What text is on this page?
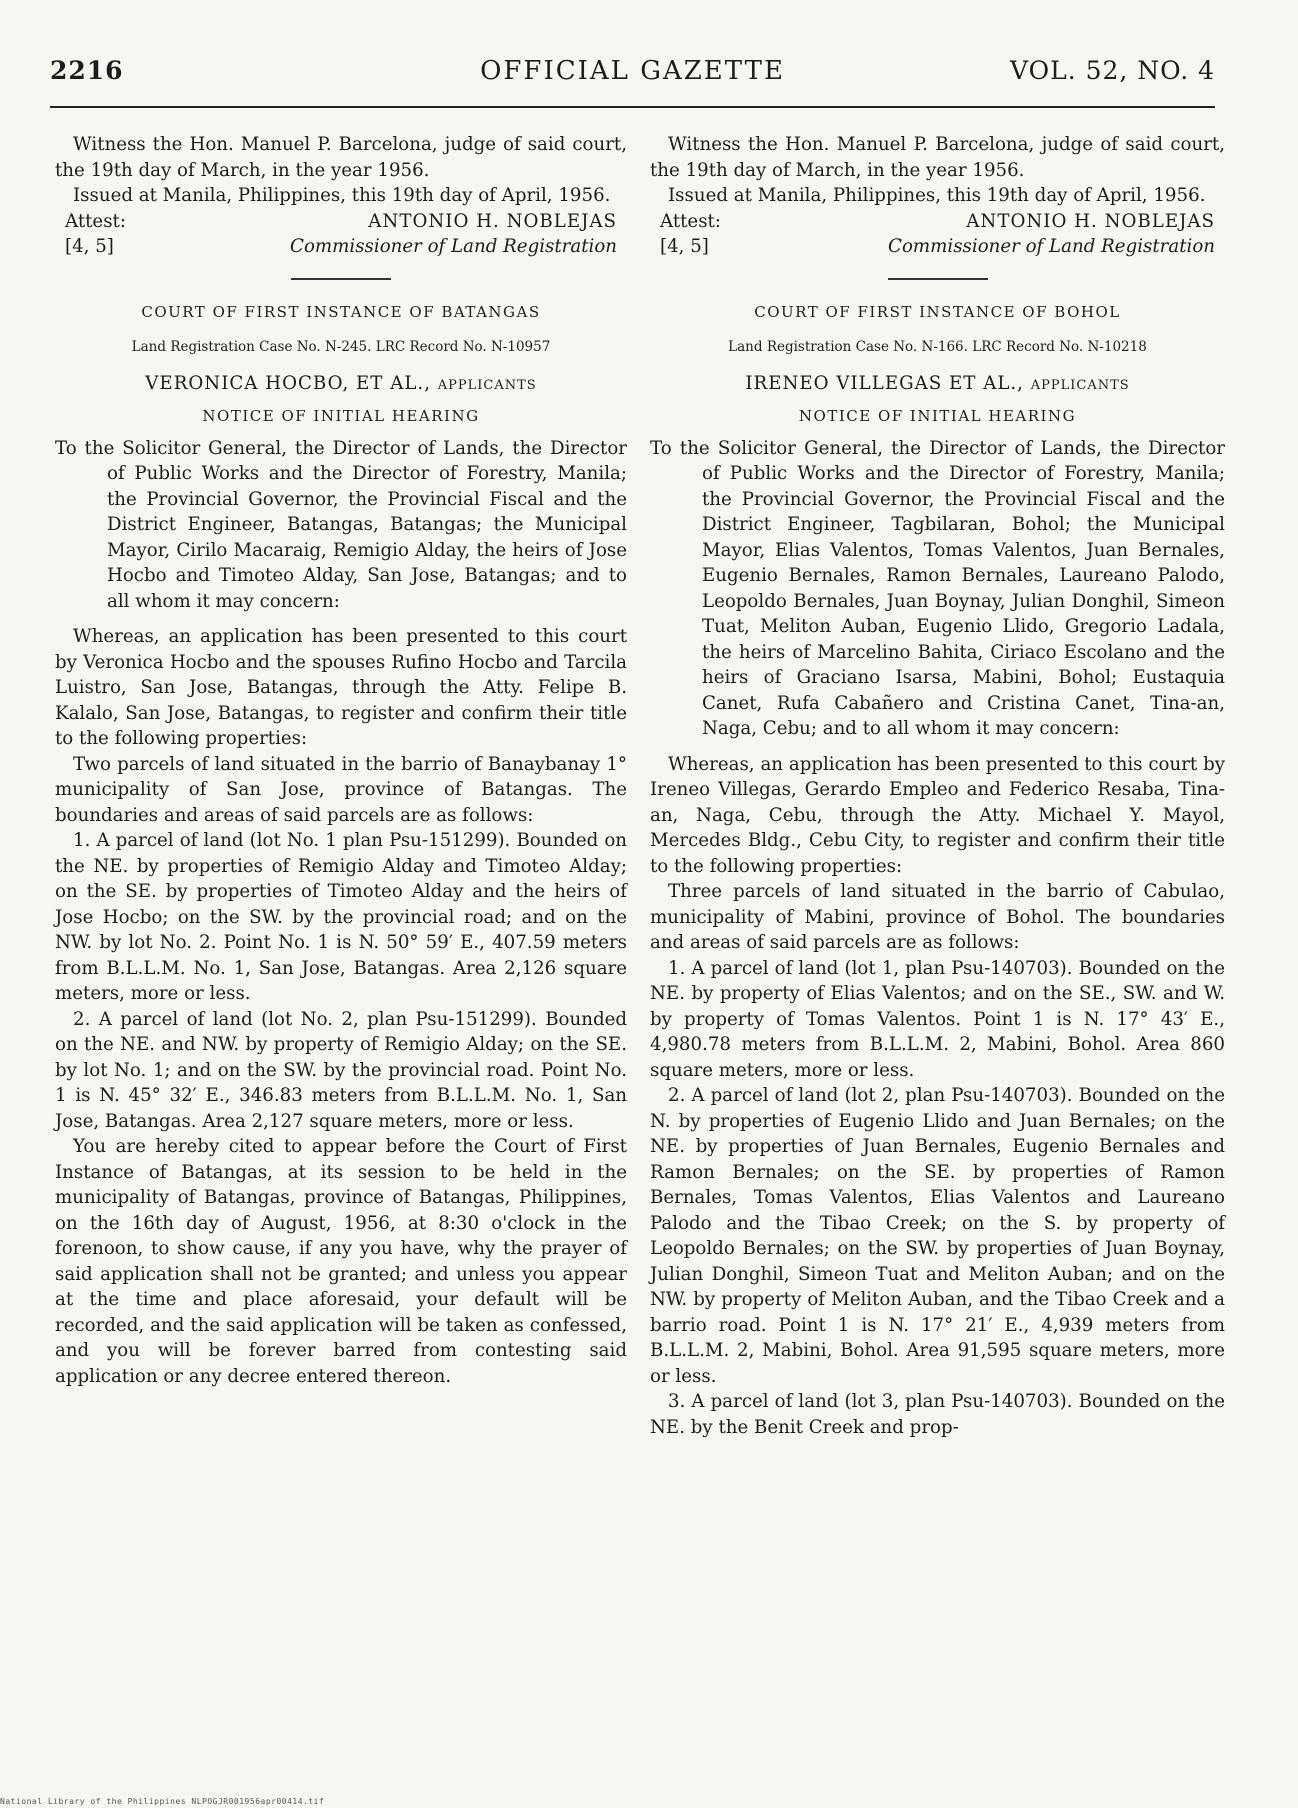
OFFICIAL GAZETTE
2216	VOL. 52, NO. 4

Witness the Hon. Manuel P. Barcelona, judge of said court, the 19th day of March, in the year 1956.

Issued at Manila, Philippines, this 19th day of April, 1956.

Attest:	ANTONIO H. NOBLEJAS
[4, 5]	Commissioner of Land Registration
COURT OF FIRST INSTANCE OF BATANGAS
Land Registration Case No. N-245. LRC Record No. N-10957
VERONICA HOCBO, ET AL., applicants
NOTICE OF INITIAL HEARING

To the Solicitor General, the Director of Lands, the Director of Public Works and the Director of Forestry, Manila; the Provincial Governor, the Provincial Fiscal and the District Engineer, Batangas, Batangas; the Municipal Mayor, Cirilo Macaraig, Remigio Alday, the heirs of Jose Hocbo and Timoteo Alday, San Jose, Batangas; and to all whom it may concern:

Whereas, an application has been presented to this court by Veronica Hocbo and the spouses Rufino Hocbo and Tarcila Luistro, San Jose, Batangas, through the Atty. Felipe B. Kalalo, San Jose, Batangas, to register and confirm their title to the following properties:

Two parcels of land situated in the barrio of Banaybanay 1° municipality of San Jose, province of Batangas. The boundaries and areas of said parcels are as follows:

1. A parcel of land (lot No. 1 plan Psu-151299). Bounded on the NE. by properties of Remigio Alday and Timoteo Alday; on the SE. by properties of Timoteo Alday and the heirs of Jose Hocbo; on the SW. by the provincial road; and on the NW. by lot No. 2. Point No. 1 is N. 50° 59′ E., 407.59 meters from B.L.L.M. No. 1, San Jose, Batangas. Area 2,126 square meters, more or less.

2. A parcel of land (lot No. 2, plan Psu-151299). Bounded on the NE. and NW. by property of Remigio Alday; on the SE. by lot No. 1; and on the SW. by the provincial road. Point No. 1 is N. 45° 32′ E., 346.83 meters from B.L.L.M. No. 1, San Jose, Batangas. Area 2,127 square meters, more or less.

You are hereby cited to appear before the Court of First Instance of Batangas, at its session to be held in the municipality of Batangas, province of Batangas, Philippines, on the 16th day of August, 1956, at 8:30 o'clock in the forenoon, to show cause, if any you have, why the prayer of said application shall not be granted; and unless you appear at the time and place aforesaid, your default will be recorded, and the said application will be taken as confessed, and you will be forever barred from contesting said application or any decree entered thereon.

Witness the Hon. Manuel P. Barcelona, judge of said court, the 19th day of March, in the year 1956.

Issued at Manila, Philippines, this 19th day of April, 1956.

Attest:	ANTONIO H. NOBLEJAS
[4, 5]	Commissioner of Land Registration
COURT OF FIRST INSTANCE OF BOHOL
Land Registration Case No. N-166. LRC Record No. N-10218
IRENEO VILLEGAS ET AL., applicants
NOTICE OF INITIAL HEARING

To the Solicitor General, the Director of Lands, the Director of Public Works and the Director of Forestry, Manila; the Provincial Governor, the Provincial Fiscal and the District Engineer, Tagbilaran, Bohol; the Municipal Mayor, Elias Valentos, Tomas Valentos, Juan Bernales, Eugenio Bernales, Ramon Bernales, Laureano Palodo, Leopoldo Bernales, Juan Boynay, Julian Donghil, Simeon Tuat, Meliton Auban, Eugenio Llido, Gregorio Ladala, the heirs of Marcelino Bahita, Ciriaco Escolano and the heirs of Graciano Isarsa, Mabini, Bohol; Eustaquia Canet, Rufa Cabañero and Cristina Canet, Tina-an, Naga, Cebu; and to all whom it may concern:

Whereas, an application has been presented to this court by Ireneo Villegas, Gerardo Empleo and Federico Resaba, Tina-an, Naga, Cebu, through the Atty. Michael Y. Mayol, Mercedes Bldg., Cebu City, to register and confirm their title to the following properties:

Three parcels of land situated in the barrio of Cabulao, municipality of Mabini, province of Bohol. The boundaries and areas of said parcels are as follows:

1. A parcel of land (lot 1, plan Psu-140703). Bounded on the NE. by property of Elias Valentos; and on the SE., SW. and W. by property of Tomas Valentos. Point 1 is N. 17° 43′ E., 4,980.78 meters from B.L.L.M. 2, Mabini, Bohol. Area 860 square meters, more or less.

2. A parcel of land (lot 2, plan Psu-140703). Bounded on the N. by properties of Eugenio Llido and Juan Bernales; on the NE. by properties of Juan Bernales, Eugenio Bernales and Ramon Bernales; on the SE. by properties of Ramon Bernales, Tomas Valentos, Elias Valentos and Laureano Palodo and the Tibao Creek; on the S. by property of Leopoldo Bernales; on the SW. by properties of Juan Boynay, Julian Donghil, Simeon Tuat and Meliton Auban; and on the NW. by property of Meliton Auban, and the Tibao Creek and a barrio road. Point 1 is N. 17° 21′ E., 4,939 meters from B.L.L.M. 2, Mabini, Bohol. Area 91,595 square meters, more or less.

3. A parcel of land (lot 3, plan Psu-140703). Bounded on the NE. by the Benit Creek and prop-

National Library of the Philippines NLPOGJR001956apr00414.tif
